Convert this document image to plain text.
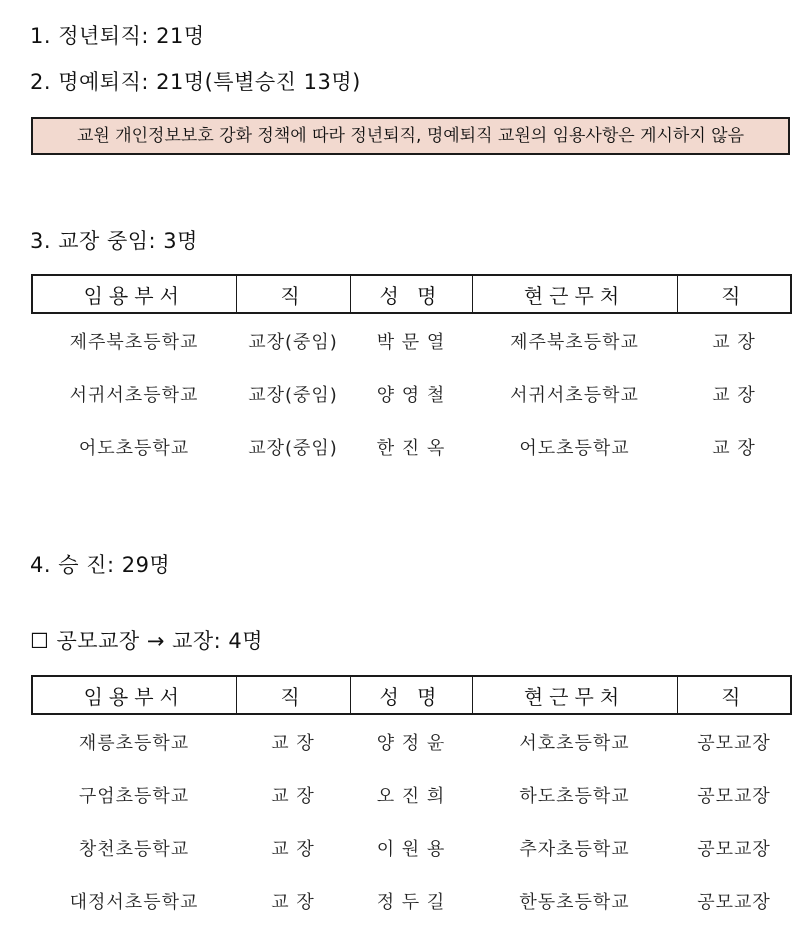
1. 정년퇴직: 21명
2. 명예퇴직: 21명(특별승진 13명)
교원 개인정보보호 강화 정책에 따라 정년퇴직, 명예퇴직 교원의 임용사항은 게시하지 않음
3. 교장 중임: 3명
임용부서	직	성 명	현근무처	직
제주북초등학교	교장(중임)	박 문 열	제주북초등학교	교 장
서귀서초등학교	교장(중임)	양 영 철	서귀서초등학교	교 장
어도초등학교	교장(중임)	한 진 옥	어도초등학교	교 장
4. 승 진: 29명
☐ 공모교장 → 교장: 4명
임용부서	직	성 명	현근무처	직
재릉초등학교	교 장	양 정 윤	서호초등학교	공모교장
구엄초등학교	교 장	오 진 희	하도초등학교	공모교장
창천초등학교	교 장	이 원 용	추자초등학교	공모교장
대정서초등학교	교 장	정 두 길	한동초등학교	공모교장
